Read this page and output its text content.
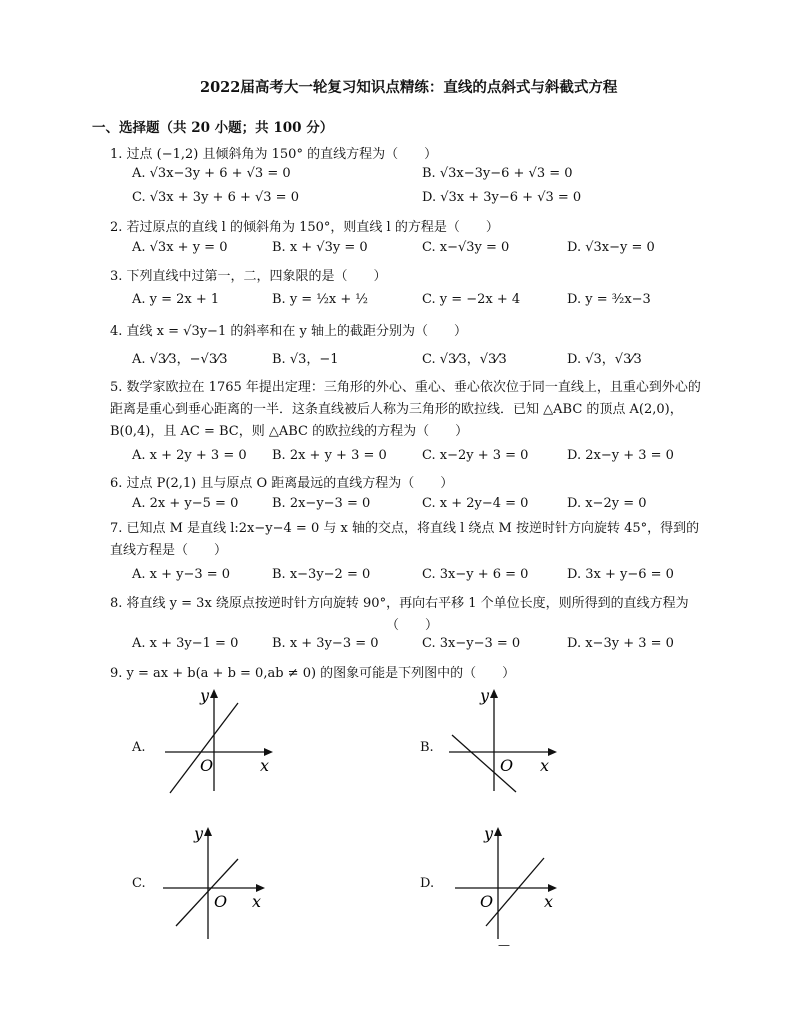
2022届高考大一轮复习知识点精练：直线的点斜式与斜截式方程
一、选择题（共 20 小题；共 100 分）
1. 过点 (−1,2) 且倾斜角为 150° 的直线方程为（　　）
A. √3x−3y + 6 + √3 = 0	B. √3x−3y−6 + √3 = 0
C. √3x + 3y + 6 + √3 = 0	D. √3x + 3y−6 + √3 = 0
2. 若过原点的直线 l 的倾斜角为 150°，则直线 l 的方程是（　　）
A. √3x + y = 0	B. x + √3y = 0	C. x−√3y = 0	D. √3x−y = 0
3. 下列直线中过第一，二，四象限的是（　　）
A. y = 2x + 1	B. y = ½x + ½	C. y = −2x + 4	D. y = ³⁄₂x−3
4. 直线 x = √3y−1 的斜率和在 y 轴上的截距分别为（　　）
A. √3⁄3，−√3⁄3	B. √3，−1	C. √3⁄3，√3⁄3	D. √3，√3⁄3
5. 数学家欧拉在 1765 年提出定理：三角形的外心、重心、垂心依次位于同一直线上，且重心到外心的距离是重心到垂心距离的一半．这条直线被后人称为三角形的欧拉线．已知 △ABC 的顶点 A(2,0)，B(0,4)，且 AC = BC，则 △ABC 的欧拉线的方程为（　　）
A. x + 2y + 3 = 0 B. 2x + y + 3 = 0	C. x−2y + 3 = 0	D. 2x−y + 3 = 0
6. 过点 P(2,1) 且与原点 O 距离最远的直线方程为（　　）
A. 2x + y−5 = 0	B. 2x−y−3 = 0	C. x + 2y−4 = 0	D. x−2y = 0
7. 已知点 M 是直线 l:2x−y−4 = 0 与 x 轴的交点，将直线 l 绕点 M 按逆时针方向旋转 45°，得到的直线方程是（　　）
A. x + y−3 = 0	B. x−3y−2 = 0	C. 3x−y + 6 = 0	D. 3x + y−6 = 0
8. 将直线 y = 3x 绕原点按逆时针方向旋转 90°，再向右平移 1 个单位长度，则所得到的直线方程为
（　　）
A. x + 3y−1 = 0	B. x + 3y−3 = 0	C. 3x−y−3 = 0	D. x−3y + 3 = 0
9. y = ax + b(a + b = 0,ab ≠ 0) 的图象可能是下列图中的（　　）
A.
x
y
O
B.
x
y
O
C.
x
y
O
D.
x
y
O
—
